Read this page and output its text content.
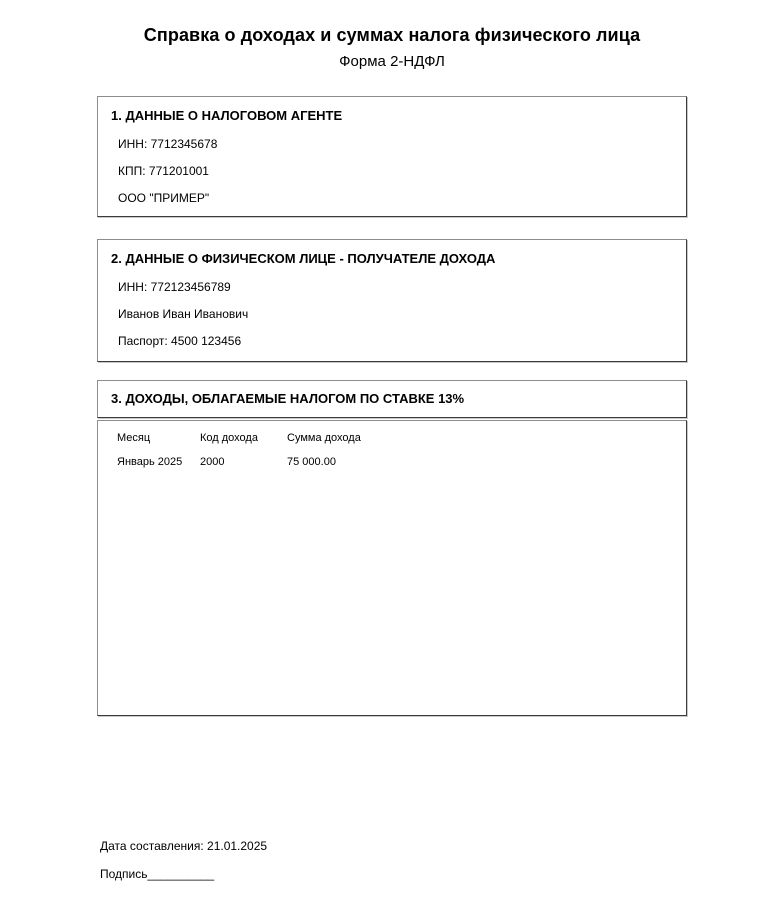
Справка о доходах и суммах налога физического лица
Форма 2-НДФЛ
1. ДАННЫЕ О НАЛОГОВОМ АГЕНТЕ
ИНН: 7712345678
КПП: 771201001
ООО "ПРИМЕР"
2. ДАННЫЕ О ФИЗИЧЕСКОМ ЛИЦЕ - ПОЛУЧАТЕЛЕ ДОХОДА
ИНН: 772123456789
Иванов Иван Иванович
Паспорт: 4500 123456
3. ДОХОДЫ, ОБЛАГАЕМЫЕ НАЛОГОМ ПО СТАВКЕ 13%
Месяц	Код дохода	Сумма дохода
Январь 2025	2000	75 000.00
Дата составления: 21.01.2025
Подпись__________
